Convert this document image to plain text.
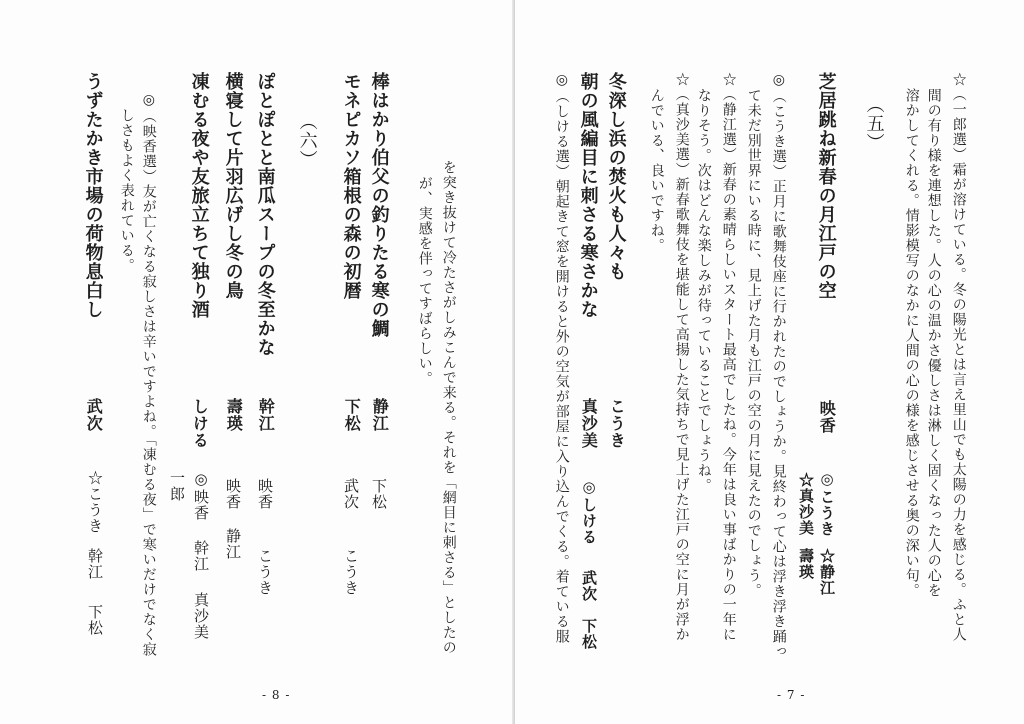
☆（一郎選）霜が溶けている。冬の陽光とは言え里山でも太陽の力を感じる。ふと人
間の有り様を連想した。人の心の温かさ優しさは淋しく固くなった人の心を
溶かしてくれる。情影模写のなかに人間の心の様を感じさせる奥の深い句。
（五）
芝居跳ね新春の月江戸の空
映香
◎こうき
☆静江
☆真沙美
壽瑛
◎（こうき選）正月に歌舞伎座に行かれたのでしょうか。見終わって心は浮き浮き踊っ
て未だ別世界にいる時に、見上げた月も江戸の空の月に見えたのでしょう。
☆（静江選）新春の素晴らしいスタート最高でしたね。今年は良い事ばかりの一年に
なりそう。次はどんな楽しみが待っていることでしょうね。
☆（真沙美選）新春歌舞伎を堪能して高揚した気持ちで見上げた江戸の空に月が浮か
んでいる、良いですね。
冬深し浜の焚火も人々も
こうき
朝の風編目に刺さる寒さかな
真沙美
◎しける
武次
下松
◎（しける選）朝起きて窓を開けると外の空気が部屋に入り込んでくる。着ている服
- 7 -
を突き抜けて冷たさがしみこんで来る。それを「網目に刺さる」としたの
が、実感を伴ってすばらしい。
棒はかり伯父の釣りたる寒の鯛
静江
下松
モネピカソ箱根の森の初暦
下松
武次
こうき
（六）
ぽとぽとと南瓜スープの冬至かな
幹江
映香
こうき
横寝して片羽広げし冬の鳥
壽瑛
映香
静江
凍むる夜や友旅立ちて独り酒
しける
◎映香
幹江
真沙美
一郎
◎（映香選）友が亡くなる寂しさは辛いですよね。「凍むる夜」で寒いだけでなく寂
しさもよく表れている。
うずたかき市場の荷物息白し
武次
☆こうき
幹江
下松
- 8 -
